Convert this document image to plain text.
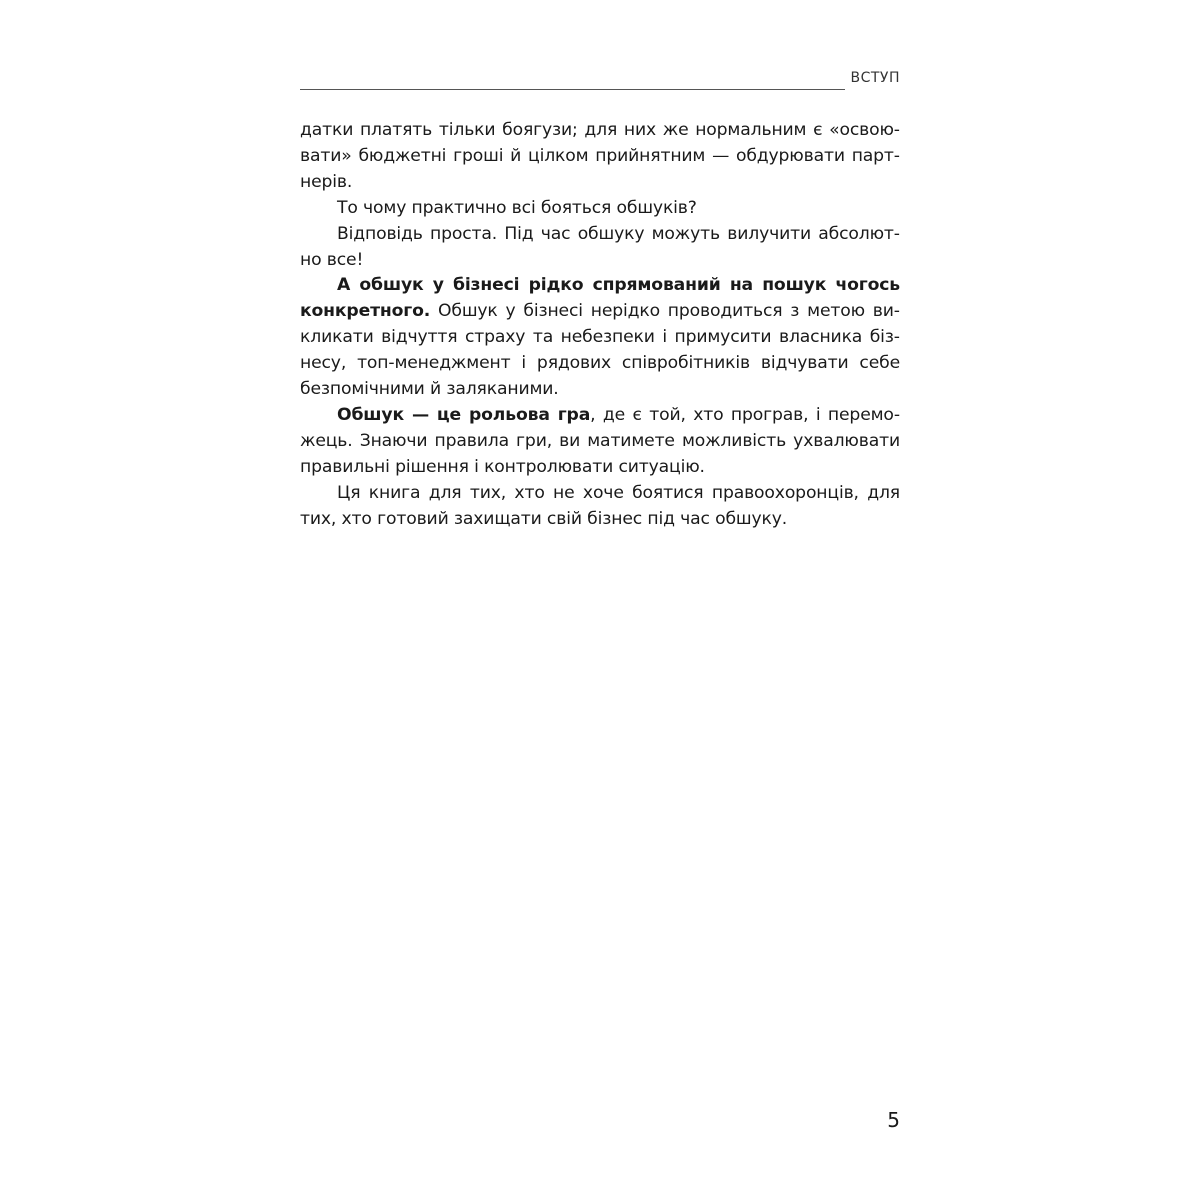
ВСТУП

датки платять тільки боягузи; для них же нормальним є «освоювати» бюджетні гроші й цілком прийнятним — обдурювати партнерів.

То чому практично всі бояться обшуків?

Відповідь проста. Під час обшуку можуть вилучити абсолютно все!

А обшук у бізнесі рідко спрямований на пошук чогось конкретного. Обшук у бізнесі нерідко проводиться з метою викликати відчуття страху та небезпеки і примусити власника бізнесу, топ-менеджмент і рядових співробітників відчувати себе безпомічними й заляканими.

Обшук — це рольова гра, де є той, хто програв, і переможець. Знаючи правила гри, ви матимете можливість ухвалювати правильні рішення і контролювати ситуацію.

Ця книга для тих, хто не хоче боятися правоохоронців, для тих, хто готовий захищати свій бізнес під час обшуку.

5
